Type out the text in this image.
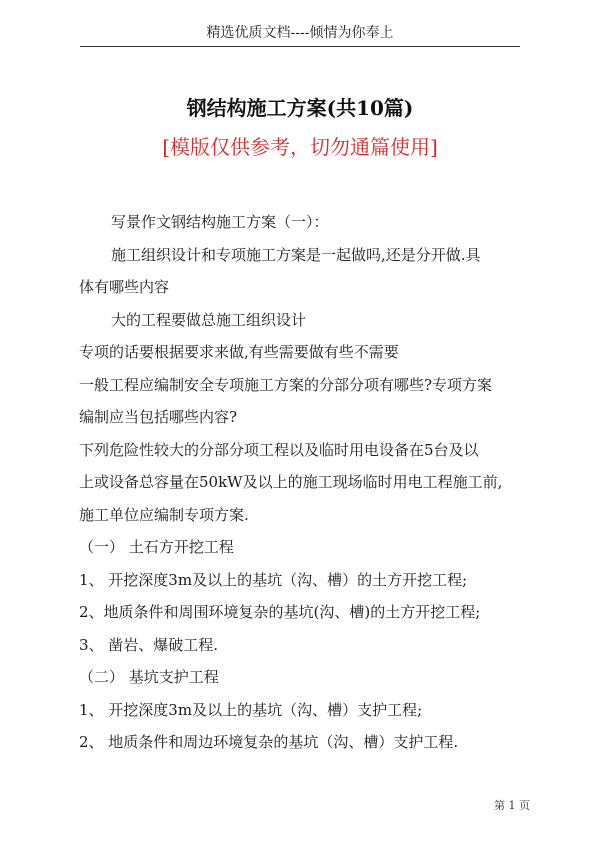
精选优质文档----倾情为你奉上
钢结构施工方案(共10篇)
[模版仅供参考，切勿通篇使用]

写景作文钢结构施工方案（一）：

施工组织设计和专项施工方案是一起做吗,还是分开做.具

体有哪些内容

大的工程要做总施工组织设计

专项的话要根据要求来做,有些需要做有些不需要

一般工程应编制安全专项施工方案的分部分项有哪些?专项方案

编制应当包括哪些内容?

下列危险性较大的分部分项工程以及临时用电设备在5台及以

上或设备总容量在50kW及以上的施工现场临时用电工程施工前,

施工单位应编制专项方案.

（一） 土石方开挖工程

1、 开挖深度3m及以上的基坑（沟、槽）的土方开挖工程;

2、地质条件和周围环境复杂的基坑(沟、槽)的土方开挖工程;

3、 凿岩、爆破工程.

（二） 基坑支护工程

1、 开挖深度3m及以上的基坑（沟、槽）支护工程;

2、 地质条件和周边环境复杂的基坑（沟、槽）支护工程.

第 1 页
